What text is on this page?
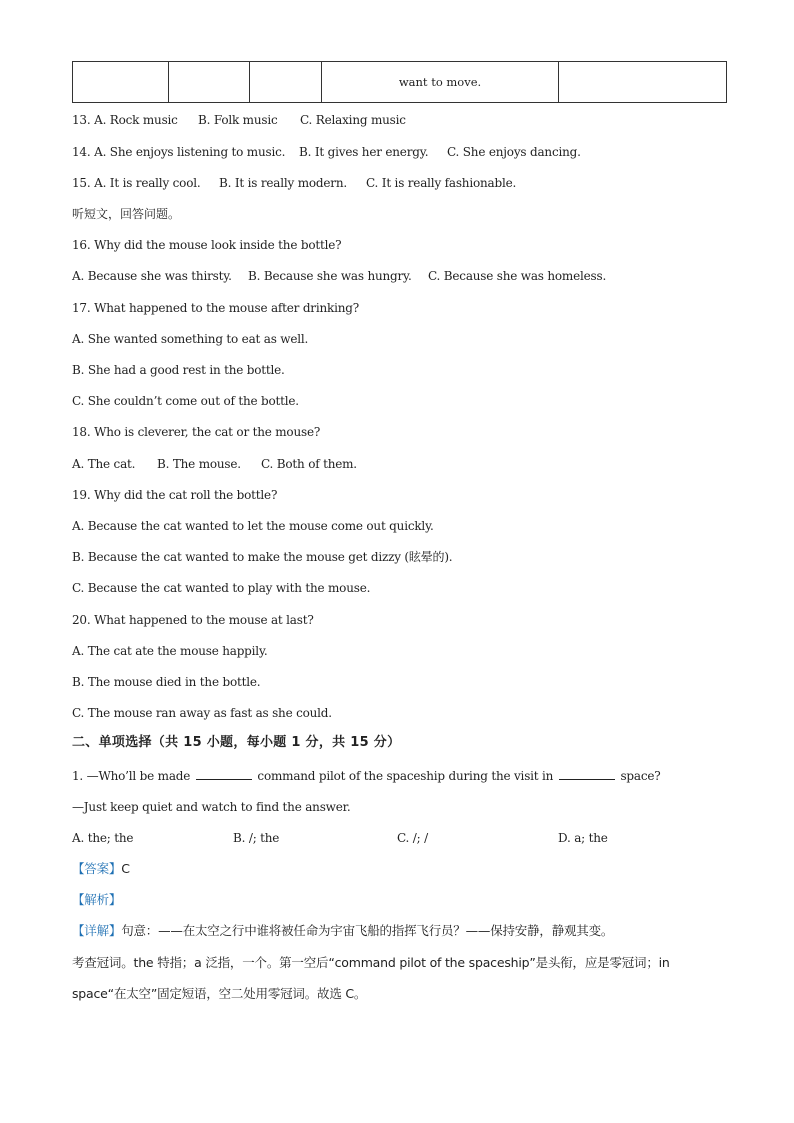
			want to move.	
13. A. Rock music B. Folk music C. Relaxing music
14. A. She enjoys listening to music. B. It gives her energy. C. She enjoys dancing.
15. A. It is really cool. B. It is really modern. C. It is really fashionable.
听短文，回答问题。
16. Why did the mouse look inside the bottle?
A. Because she was thirsty. B. Because she was hungry. C. Because she was homeless.
17. What happened to the mouse after drinking?
A. She wanted something to eat as well.
B. She had a good rest in the bottle.
C. She couldn’t come out of the bottle.
18. Who is cleverer, the cat or the mouse?
A. The cat. B. The mouse. C. Both of them.
19. Why did the cat roll the bottle?
A. Because the cat wanted to let the mouse come out quickly.
B. Because the cat wanted to make the mouse get dizzy (眩晕的).
C. Because the cat wanted to play with the mouse.
20. What happened to the mouse at last?
A. The cat ate the mouse happily.
B. The mouse died in the bottle.
C. The mouse ran away as fast as she could.
二、单项选择（共 15 小题，每小题 1 分，共 15 分）
1. —Who’ll be made	command pilot of the spaceship during the visit in	space?
—Just keep quiet and watch to find the answer.
A. the; the	B. /; the	C. /; /	D. a; the
【答案】C
【解析】
【详解】句意：——在太空之行中谁将被任命为宇宙飞船的指挥飞行员？——保持安静，静观其变。
考查冠词。the 特指；a 泛指，一个。第一空后“command pilot of the spaceship”是头衔，应是零冠词；in
space“在太空”固定短语，空二处用零冠词。故选 C。
